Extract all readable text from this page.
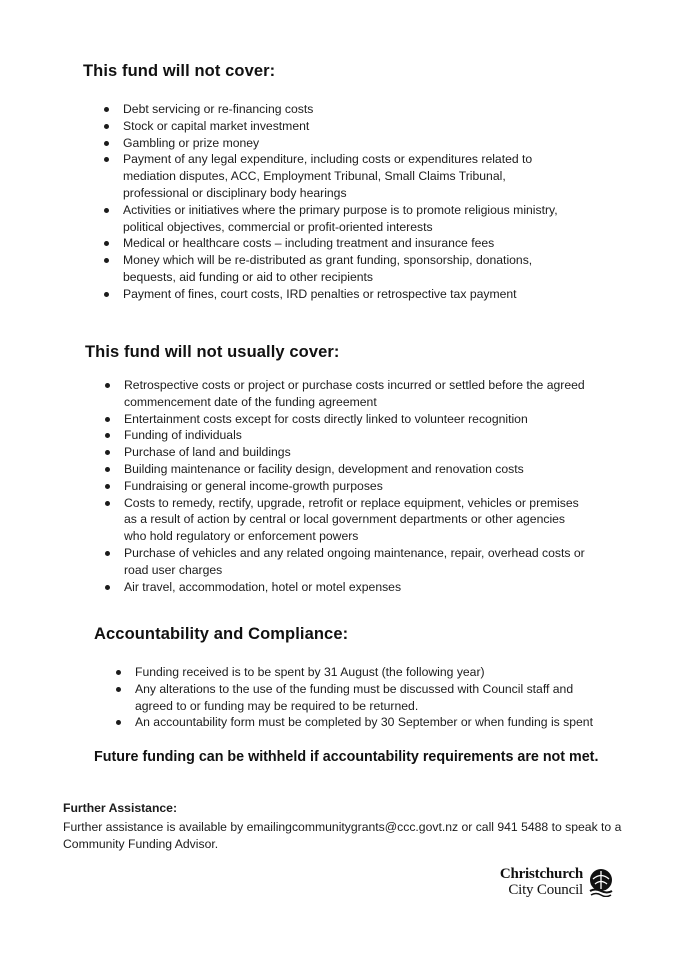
This fund will not cover:
Debt servicing or re-financing costs
Stock or capital market investment
Gambling or prize money
Payment of any legal expenditure, including costs or expenditures related to mediation disputes, ACC, Employment Tribunal, Small Claims Tribunal, professional or disciplinary body hearings
Activities or initiatives where the primary purpose is to promote religious ministry, political objectives, commercial or profit-oriented interests
Medical or healthcare costs – including treatment and insurance fees
Money which will be re-distributed as grant funding, sponsorship, donations, bequests, aid funding or aid to other recipients
Payment of fines, court costs, IRD penalties or retrospective tax payment
This fund will not usually cover:
Retrospective costs or project or purchase costs incurred or settled before the agreed commencement date of the funding agreement
Entertainment costs except for costs directly linked to volunteer recognition
Funding of individuals
Purchase of land and buildings
Building maintenance or facility design, development and renovation costs
Fundraising or general income-growth purposes
Costs to remedy, rectify, upgrade, retrofit or replace equipment, vehicles or premises as a result of action by central or local government departments or other agencies who hold regulatory or enforcement powers
Purchase of vehicles and any related ongoing maintenance, repair, overhead costs or road user charges
Air travel, accommodation, hotel or motel expenses
Accountability and Compliance:
Funding received is to be spent by 31 August (the following year)
Any alterations to the use of the funding must be discussed with Council staff and agreed to or funding may be required to be returned.
An accountability form must be completed by 30 September or when funding is spent

Future funding can be withheld if accountability requirements are not met.

Further Assistance:

Further assistance is available by emailingcommunitygrants@ccc.govt.nz or call 941 5488 to speak to a Community Funding Advisor.

Christchurch
City Council
